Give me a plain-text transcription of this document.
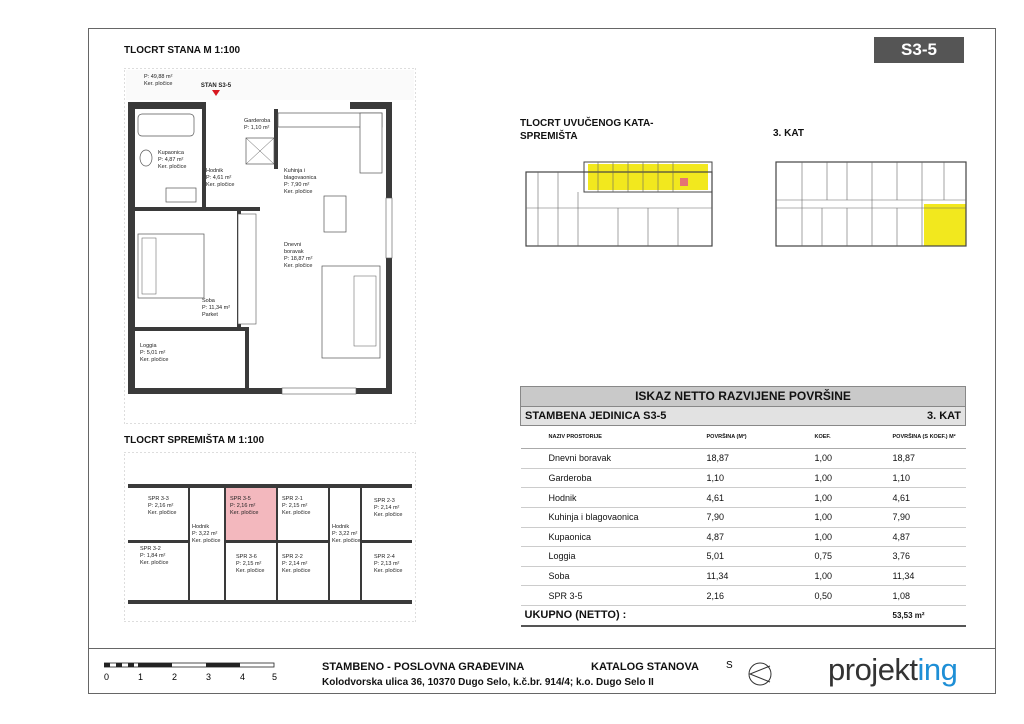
TLOCRT STANA M 1:100	S3-5
P: 49,88 m²
Ker. pločice	STAN S3-5
Garderoba
P: 1,10 m²
Kupaonica
P: 4,87 m²
Ker. pločice
Hodnik
P: 4,61 m²
Ker. pločice
Kuhinja i
blagovaonica
P: 7,90 m²
Ker. pločice
Dnevni
boravak
P: 18,87 m²
Ker. pločice
Soba
P: 11,34 m²
Parket
Loggia
P: 5,01 m²
Ker. pločice
TLOCRT UVUČENOG KATA-
SPREMIŠTA	3. KAT
TLOCRT SPREMIŠTA M 1:100
SPR 3-3
P: 2,16 m²
Ker. pločice
Hodnik
P: 3,22 m²
Ker. pločice
SPR 3-5
P: 2,16 m²
Ker. pločice
SPR 2-1
P: 2,15 m²
Ker. pločice
Hodnik
P: 3,22 m²
Ker. pločice
SPR 2-3
P: 2,14 m²
Ker. pločice
SPR 3-2
P: 1,84 m²
Ker. pločice
SPR 3-6
P: 2,15 m²
Ker. pločice
SPR 2-2
P: 2,14 m²
Ker. pločice
SPR 2-4
P: 2,13 m²
Ker. pločice
ISKAZ NETTO RAZVIJENE POVRŠINE			
STAMBENA JEDINICA S3-5		3. KAT	
NAZIV PROSTORIJE	POVRŠINA (M²)	KOEF.	POVRŠINA (S KOEF.) M²
Dnevni boravak	18,87	1,00	18,87
Garderoba	1,10	1,00	1,10
Hodnik	4,61	1,00	4,61
Kuhinja i blagovaonica	7,90	1,00	7,90
Kupaonica	4,87	1,00	4,87
Loggia	5,01	0,75	3,76
Soba	11,34	1,00	11,34
SPR 3-5	2,16	0,50	1,08
UKUPNO (NETTO) :			53,53 m²
0	1	2	3	4	5
STAMBENO - POSLOVNA GRAĐEVINA	KATALOG STANOVA
Kolodvorska ulica 36, 10370 Dugo Selo, k.č.br. 914/4; k.o. Dugo Selo II
S	projekting
